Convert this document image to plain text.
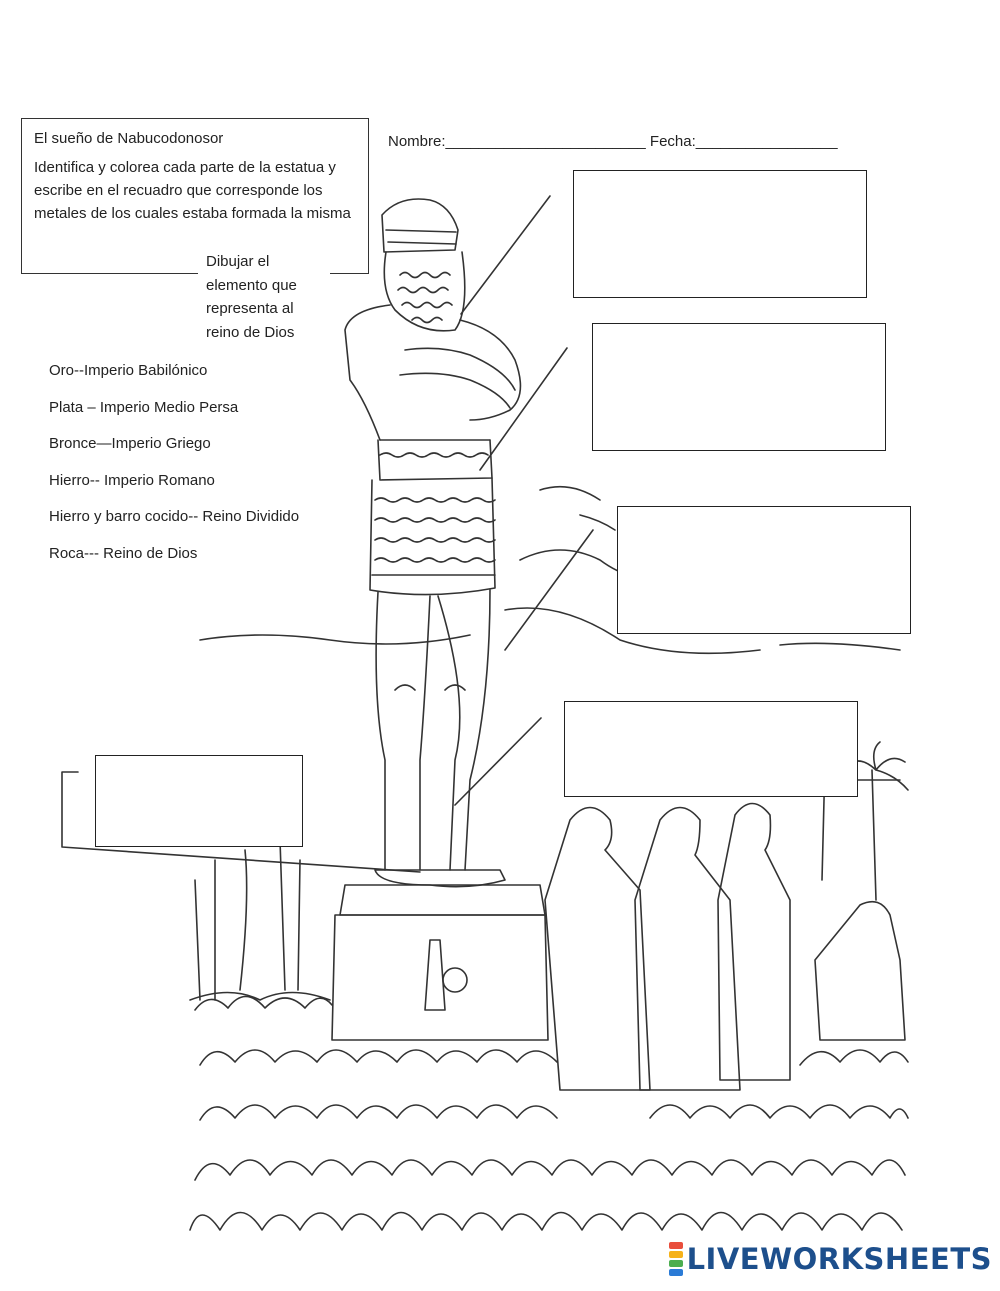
El sueño de Nabucodonosor
Identifica y colorea cada parte de la estatua y escribe en el recuadro que corresponde los metales de los cuales estaba formada la misma
Dibujar el elemento que representa al reino de Dios
Nombre:________________________ Fecha:_________________
Oro--Imperio Babilónico
Plata – Imperio Medio Persa
Bronce—Imperio Griego
Hierro-- Imperio Romano
Hierro y barro cocido-- Reino Dividido
Roca--- Reino de Dios
LIVEWORKSHEETS
